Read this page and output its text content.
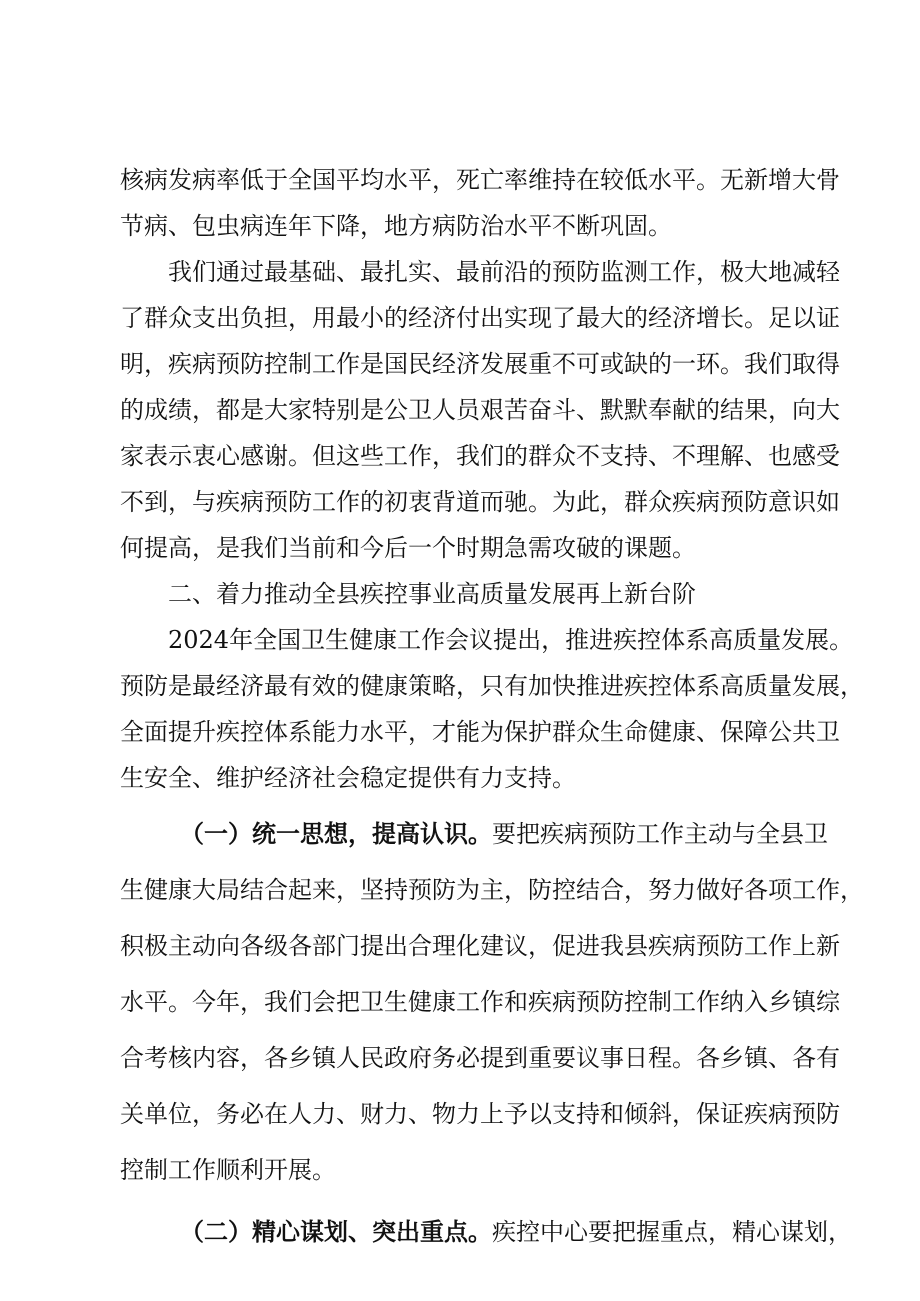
核病发病率低于全国平均水平，死亡率维持在较低水平。无新增大骨
节病、包虫病连年下降，地方病防治水平不断巩固。
我们通过最基础、最扎实、最前沿的预防监测工作，极大地减轻
了群众支出负担，用最小的经济付出实现了最大的经济增长。足以证
明，疾病预防控制工作是国民经济发展重不可或缺的一环。我们取得
的成绩，都是大家特别是公卫人员艰苦奋斗、默默奉献的结果，向大
家表示衷心感谢。但这些工作，我们的群众不支持、不理解、也感受
不到，与疾病预防工作的初衷背道而驰。为此，群众疾病预防意识如
何提高，是我们当前和今后一个时期急需攻破的课题。
二、着力推动全县疾控事业高质量发展再上新台阶
2024年全国卫生健康工作会议提出，推进疾控体系高质量发展。
预防是最经济最有效的健康策略，只有加快推进疾控体系高质量发展，
全面提升疾控体系能力水平，才能为保护群众生命健康、保障公共卫
生安全、维护经济社会稳定提供有力支持。
（一）统一思想，提高认识。要把疾病预防工作主动与全县卫
生健康大局结合起来，坚持预防为主，防控结合，努力做好各项工作，
积极主动向各级各部门提出合理化建议，促进我县疾病预防工作上新
水平。今年，我们会把卫生健康工作和疾病预防控制工作纳入乡镇综
合考核内容，各乡镇人民政府务必提到重要议事日程。各乡镇、各有
关单位，务必在人力、财力、物力上予以支持和倾斜，保证疾病预防
控制工作顺利开展。
（二）精心谋划、突出重点。疾控中心要把握重点，精心谋划，
